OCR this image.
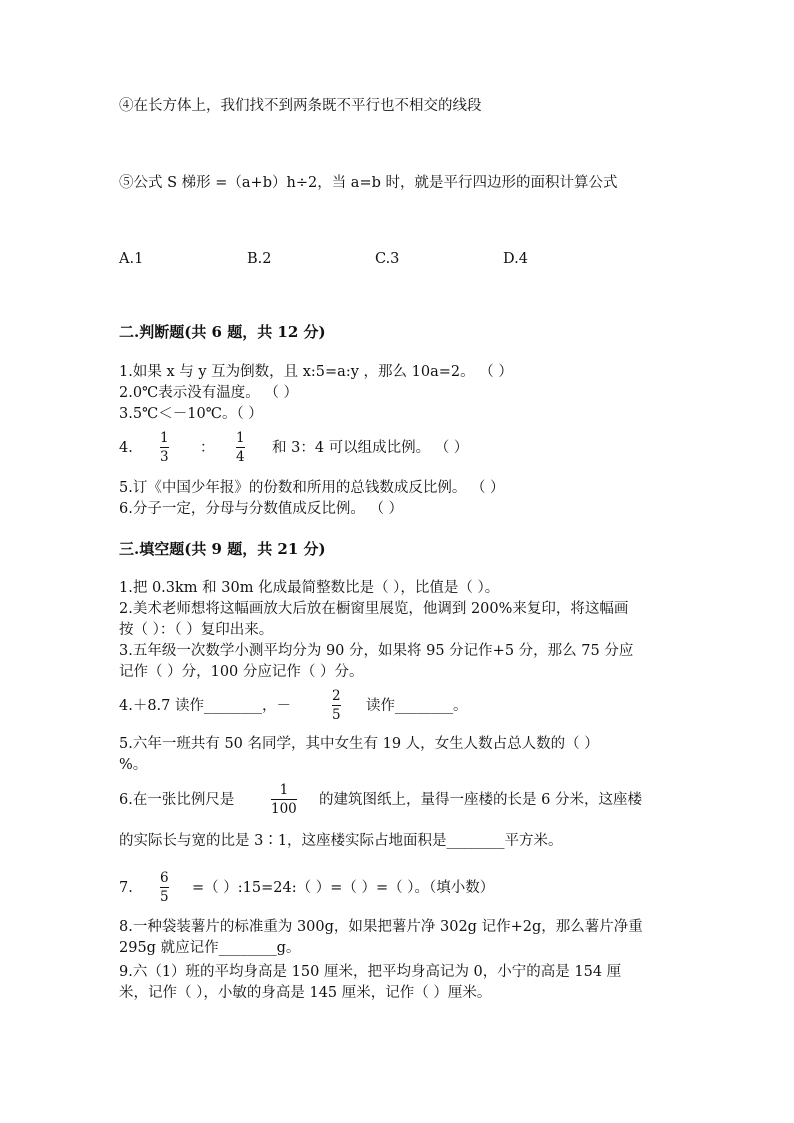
④在长方体上，我们找不到两条既不平行也不相交的线段
⑤公式 S 梯形 =（a+b）h÷2，当 a=b 时，就是平行四边形的面积计算公式
A.1	B.2	C.3	D.4
二.判断题(共 6 题，共 12 分)
1.如果 x 与 y 互为倒数，且 x:5=a:y ，那么 10a=2。 （ ）
2.0℃表示没有温度。 （ ）
3.5℃＜－10℃。（ ）
4.
1
3
：
1
4
和 3：4 可以组成比例。 （ ）
5.订《中国少年报》的份数和所用的总钱数成反比例。 （ ）
6.分子一定，分母与分数值成反比例。 （ ）
三.填空题(共 9 题，共 21 分)
1.把 0.3km 和 30m 化成最简整数比是（ ），比值是（ ）。
2.美术老师想将这幅画放大后放在橱窗里展览，他调到 200%来复印，将这幅画
按（ ）：（ ）复印出来。
3.五年级一次数学小测平均分为 90 分，如果将 95 分记作+5 分，那么 75 分应
记作（ ）分，100 分应记作（ ）分。
4.＋8.7 读作________，－
2
5
读作________。
5.六年一班共有 50 名同学，其中女生有 19 人，女生人数占总人数的（ ）
%。
6.在一张比例尺是
1
100
的建筑图纸上，量得一座楼的长是 6 分米，这座楼
的实际长与宽的比是 3∶1，这座楼实际占地面积是________平方米。
7.
6
5
=（ ）:15=24:（ ）=（ ）=（ ）。（填小数）
8.一种袋装薯片的标准重为 300g，如果把薯片净 302g 记作+2g，那么薯片净重
295g 就应记作________g。
9.六（1）班的平均身高是 150 厘米，把平均身高记为 0，小宁的高是 154 厘
米，记作（ ），小敏的身高是 145 厘米，记作（ ）厘米。
